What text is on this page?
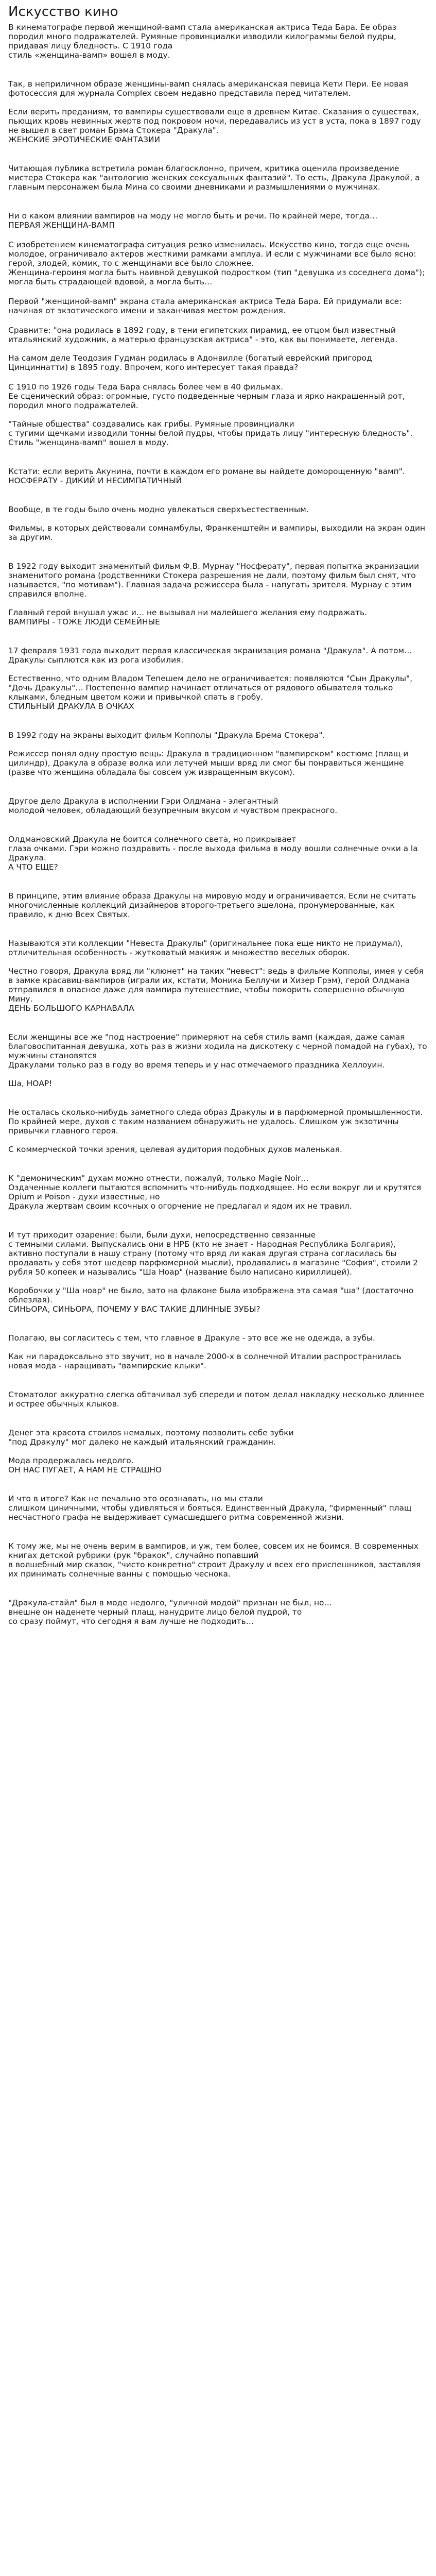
Искусство кино

В кинематографе первой женщиной-вамп стала американская актриса Теда Бара. Ее образ породил много подражателей. Румяные провинциалки изводили килограммы белой пудры, придавая лицу бледность. С 1910 года
стиль «женщина-вамп» вошел в моду.

Так, в неприличном образе женщины-вамп снялась американская певица Кети Пери. Ее новая фотосессия для журнала Complex своем недавно представила перед читателем.

Если верить преданиям, то вампиры существовали еще в древнем Китае. Сказания о существах, пьющих кровь невинных жертв под покровом ночи, передавались из уст в уста, пока в 1897 году не вышел в свет роман Брэма Стокера "Дракула".

ЖЕНСКИЕ ЭРОТИЧЕСКИЕ ФАНТАЗИИ

Читающая публика встретила роман благосклонно, причем, критика оценила произведение мистера Стокера как "антологию женских сексуальных фантазий". То есть, Дракула Дракулой, а главным персонажем была Мина со своими дневниками и размышлениями о мужчинах.

Ни о каком влиянии вампиров на моду не могло быть и речи. По крайней мере, тогда…

ПЕРВАЯ ЖЕНЩИНА-ВАМП

С изобретением кинематографа ситуация резко изменилась. Искусство кино, тогда еще очень молодое, ограничивало актеров жесткими рамками амплуа. И если с мужчинами все было ясно: герой, злодей, комик, то с женщинами все было сложнее.

Женщина-героиня могла быть наивной девушкой подростком (тип "девушка из соседнего дома"); могла быть страдающей вдовой, а могла быть…

Первой "женщиной-вамп" экрана стала американская актриса Теда Бара. Ей придумали все: начиная от экзотического имени и заканчивая местом рождения.

Сравните: "она родилась в 1892 году, в тени египетских пирамид, ее отцом был известный итальянский художник, а матерью французская актриса" - это, как вы понимаете, легенда.

На самом деле Теодозия Гудман родилась в Адонвилле (богатый еврейский пригород Цинциннатти) в 1895 году. Впрочем, кого интересует такая правда?

С 1910 по 1926 годы Теда Бара снялась более чем в 40 фильмах.

Ее сценический образ: огромные, густо подведенные черным глаза и ярко накрашенный рот, породил много подражателей.

"Тайные общества" создавались как грибы. Румяные провинциалки
с тугими щечками изводили тонны белой пудры, чтобы придать лицу "интересную бледность". Стиль "женщина-вамп" вошел в моду.

Кстати: если верить Акунина, почти в каждом его романе вы найдете доморощенную "вамп".

НОСФЕРАТУ - ДИКИЙ И НЕСИМПАТИЧНЫЙ

Вообще, в те годы было очень модно увлекаться сверхъестественным.

Фильмы, в которых действовали сомнамбулы, Франкенштейн и вампиры, выходили на экран один за другим.

В 1922 году выходит знаменитый фильм Ф.В. Мурнау "Носферату", первая попытка экранизации знаменитого романа (родственники Стокера разрешения не дали, поэтому фильм был снят, что называется, "по мотивам"). Главная задача режиссера была - напугать зрителя. Мурнау с этим справился вполне.

Главный герой внушал ужас и… не вызывал ни малейшего желания ему подражать.

ВАМПИРЫ - ТОЖЕ ЛЮДИ СЕМЕЙНЫЕ

17 февраля 1931 года выходит первая классическая экранизация романа "Дракула". А потом… Дракулы сыплются как из рога изобилия.

Естественно, что одним Владом Тепешем дело не ограничивается: появляются "Сын Дракулы", "Дочь Дракулы"… Постепенно вампир начинает отличаться от рядового обывателя только клыками, бледным цветом кожи и привычкой спать в гробу.

СТИЛЬНЫЙ ДРАКУЛА В ОЧКАХ

В 1992 году на экраны выходит фильм Копполы "Дракула Брема Стокера".

Режиссер понял одну простую вещь: Дракула в традиционном "вампирском" костюме (плащ и цилиндр), Дракула в образе волка или летучей мыши вряд ли смог бы понравиться женщине (разве что женщина обладала бы совсем уж извращенным вкусом).

Другое дело Дракула в исполнении Гэри Олдмана - элегантный
молодой человек, обладающий безупречным вкусом и чувством прекрасного.

Олдмановский Дракула не боится солнечного света, но прикрывает
глаза очками. Гэри можно поздравить - после выхода фильма в моду вошли солнечные очки а la Дракула.

А ЧТО ЕЩЕ?

В принципе, этим влияние образа Дракулы на мировую моду и ограничивается. Если не считать многочисленные коллекций дизайнеров второго-третьего эшелона, пронумерованные, как правило, к дню Всех Святых.

Называются эти коллекции "Невеста Дракулы" (оригинальнее пока еще никто не придумал), отличительная особенность - жутковатый макияж и множество веселых оборок.

Честно говоря, Дракула вряд ли "клюнет" на таких "невест": ведь в фильме Копполы, имея у себя в замке красавиц-вампиров (играли их, кстати, Моника Беллучи и Хизер Грэм), герой Олдмана отправился в опасное даже для вампира путешествие, чтобы покорить совершенно обычную Мину.

ДЕНЬ БОЛЬШОГО КАРНАВАЛА

Если женщины все же "под настроение" примеряют на себя стиль вамп (каждая, даже самая благовоспитанная девушка, хоть раз в жизни ходила на дискотеку с черной помадой на губах), то мужчины становятся
Дракулами только раз в году во время теперь и у нас отмечаемого праздника Хеллоуин.

Ша, НОАР!

Не осталась сколько-нибудь заметного следа образ Дракулы и в парфюмерной промышленности. По крайней мере, духов с таким названием обнаружить не удалось. Слишком уж экзотичны привычки главного героя.

С коммерческой точки зрения, целевая аудитория подобных духов маленькая.

К "демоническим" духам можно отнести, пожалуй, только Magie Noir…
Оздаченные коллеги пытаются вспомнить что-нибудь подходящее. Но если вокруг ли и крутятся Opium и Poison - духи известные, но
Дракула жертвам своим ксочных о огорчение не предлагал и ядом их не травил.

И тут приходит озарение: были, были духи, непосредственно связанные
с темными силами. Выпускались они в НРБ (кто не знает - Народная Республика Болгария), активно поступали в нашу страну (потому что вряд ли какая другая страна согласилась бы продавать у себя этот шедевр парфюмерной мысли), продавались в магазине "София", стоили 2 рубля 50 копеек и назывались "Ша Ноар" (название было написано кириллицей).

Коробочки у "Ша ноар" не было, зато на флаконе была изображена эта самая "ша" (достаточно облезлая).

СИНЬОРА, СИНЬОРА, ПОЧЕМУ У ВАС ТАКИЕ ДЛИННЫЕ ЗУБЫ?

Полагаю, вы согласитесь с тем, что главное в Дракуле - это все же не одежда, а зубы.

Как ни парадоксально это звучит, но в начале 2000-х в солнечной Италии распространилась новая мода - наращивать "вампирские клыки".

Стоматолог аккуратно слегка обтачивал зуб спереди и потом делал накладку несколько длиннее и острее обычных клыков.

Денег эта красота стоилоs немалых, поэтому позволить себе зубки
"под Дракулу" мог далеко не каждый итальянский гражданин.

Мода продержалась недолго.

ОН НАС ПУГАЕТ, А НАМ НЕ СТРАШНО

И что в итоге? Как не печально это осознавать, но мы стали
слишком циничными, чтобы удивляться и бояться. Единственный Дракула, "фирменный" плащ несчастного графа не выдерживает сумасшедшего ритма современной жизни.

К тому же, мы не очень верим в вампиров, и уж, тем более, совсем их не боимся. В современных книгах детской рубрики (рук "бракок", случайно попавший
в волшебный мир сказок, "чисто конкретно" строит Дракулу и всех его приспешников, заставляя их принимать солнечные ванны с помощью чеснока.

"Дракула-стайл" был в моде недолго, "уличной модой" признан не был, но…
внешне он наденете черный плащ, нанудрите лицо белой пудрой, то
со сразу поймут, что сегодня я вам лучше не подходить…
